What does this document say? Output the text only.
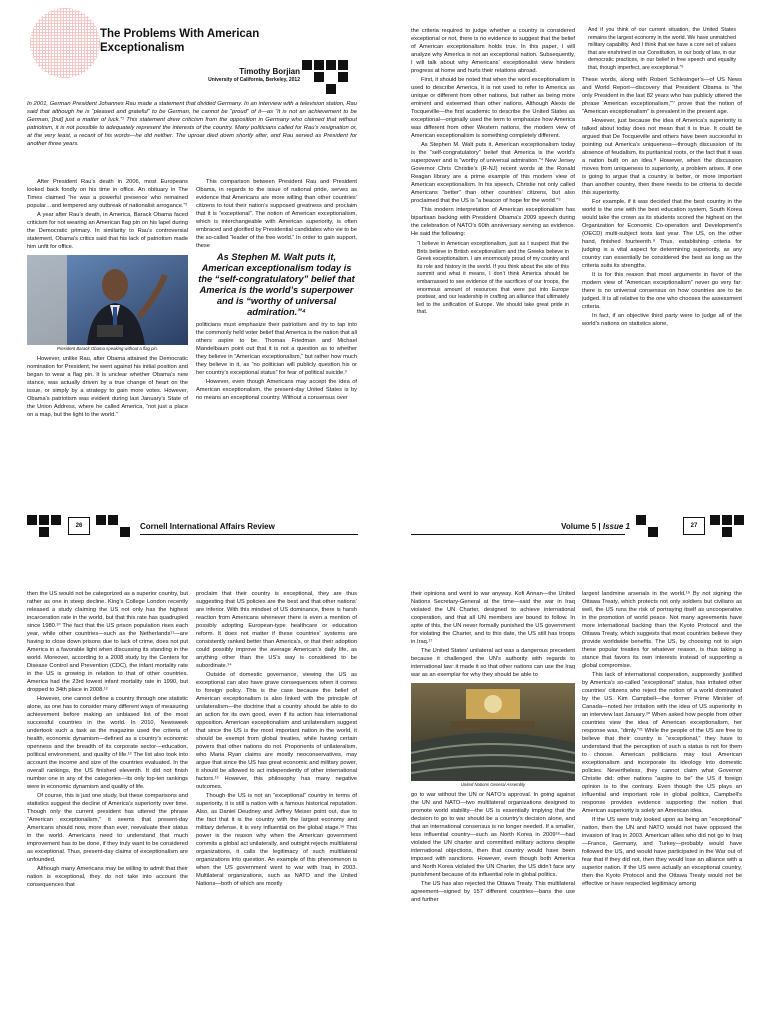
The Problems With American Exceptionalism
Timothy Borjian
University of California, Berkeley, 2012
In 2001, German President Johannes Rau made a statement that divided Germany. In an interview with a television station, Rau said that although he is “pleased and grateful” to be German, he cannot be “proud” of it—as “it is not an achievement to be German, [but] just a matter of luck.”¹ This statement drew criticism from the opposition in Germany who claimed that without patriotism, it is not possible to adequately represent the interests of the country. Many politicians called for Rau’s resignation or, at the very least, a recant of his words—he did neither. The uproar died down shortly after, and Rau served as President for another three years.

After President Rau’s death in 2006, most Europeans looked back fondly on his time in office. An obituary in The Times claimed “he was a powerful presence who remained popular…and tempered any outbreak of nationalist arrogance.”²

A year after Rau’s death, in America, Barack Obama faced criticism for not wearing an American flag pin on his lapel during the Democratic primary. In similarity to Rau’s controversial statement, Obama’s critics said that his lack of patriotism made him unfit for office.

President Barack Obama speaking without a flag pin.

However, unlike Rau, after Obama attained the Democratic nomination for President, he went against his initial position and began to wear a flag pin. It is unclear whether Obama’s new stance, was actually driven by a true change of heart on the issue, or simply by a strategy to gain more votes. However, Obama’s patriotism was evident during last January’s State of the Union Address, where he called America, “not just a place on a map, but the light to the world.”

This comparison between President Rau and President Obama, in regards to the issue of national pride, serves as evidence that Americans are more willing than other countries’ citizens to tout their nation’s supposed greatness and proclaim that it is “exceptional”. The notion of American exceptionalism, which is interchangeable with American superiority, is often embraced and glorified by Presidential candidates who vie to be the so-called “leader of the free world.” In order to gain support, these

As Stephen M. Walt puts it, American exceptionalism today is the “self-congratulatory” belief that America is the world’s superpower and is “worthy of universal admiration.”⁴

politicians must emphasize their patriotism and try to tap into the commonly held voter belief that America is the nation that all others aspire to be. Thomas Friedman and Michael Mandelbaum point out that it is not a question as to whether they believe in “American exceptionalism,” but rather how much they believe in it, as “no politician will publicly question his or her country’s exceptional status” for fear of political suicide.³

However, even though Americans may accept the idea of American exceptionalism, the present-day United States is by no means an exceptional country. Without a consensus over

the criteria required to judge whether a country is considered exceptional or not, there is no evidence to suggest that the belief of American exceptionalism holds true. In this paper, I will analyze why America is not an exceptional nation. Subsequently, I will talk about why Americans’ exceptionalist view hinders progress at home and hurts their relations abroad.

First, it should be noted that when the word exceptionalism is used to describe America, it is not used to refer to America as unique or different from other nations, but rather as being more eminent and esteemed than other nations. Although Alexis de Tocqueville—the first academic to describe the United States as exceptional—originally used the term to emphasize how America was different from other Western nations, the modern view of American exceptionalism is something completely different.

As Stephen M. Walt puts it, American exceptionalism today is the “self-congratulatory” belief that America is the world’s superpower and is “worthy of universal admiration.”⁴ New Jersey Governor Chris Christie’s (R-NJ) recent words at the Ronald Reagan library are a prime example of this modern view of American exceptionalism. In his speech, Christie not only called Americans “better” than other countries’ citizens, but also proclaimed that the US is “a beacon of hope for the world.”⁵

This modern interpretation of American exceptionalism has bipartisan backing with President Obama’s 2009 speech during the celebration of NATO’s 60th anniversary serving as evidence. He said the following:

“I believe in American exceptionalism, just as I suspect that the Brits believe in British exceptionalism and the Greeks believe in Greek exceptionalism. I am enormously proud of my country and its role and history in the world. If you think about the site of this summit and what it means, I don’t think America should be embarrassed to see evidence of the sacrifices of our troops, the enormous amount of resources that were put into Europe postwar, and our leadership in crafting an alliance that ultimately led to the unification of Europe. We should take great pride in that.
And if you think of our current situation, the United States remains the largest economy in the world. We have unmatched military capability. And I think that we have a core set of values that are enshrined in our Constitution, in our body of law, in our democratic practices, in our belief in free speech and equality that, though imperfect, are exceptional.”⁶

These words, along with Robert Schlesinger’s—of US News and World Report—discovery that President Obama is “the only President in the last 82 years who has publicly uttered the phrase ‘American exceptionalism,’”⁷ prove that the notion of “American exceptionalism” is prevalent in the present age.

However, just because the idea of America’s superiority is talked about today does not mean that it is true. It could be argued that De Tocqueville and others have been successful in pointing out America’s uniqueness—through discussion of its absence of feudalism, its puritanical roots, or the fact that it was a nation built on an idea.⁸ However, when the discussion moves from uniqueness to superiority, a problem arises. If one is going to argue that a country is better, or more important than another country, then there needs to be criteria to decide this superiority.

For example, if it was decided that the best country in the world is the one with the best education system, South Korea would take the crown as its students scored the highest on the Organization for Economic Co-operation and Development’s (OECD) multi-subject tests last year. The US, on the other hand, finished fourteenth.⁹ Thus, establishing criteria for judging is a vital aspect for determining superiority, as any country can essentially be considered the best as long as the criteria suits its strengths.

It is for this reason that most arguments in favor of the modern view of “American exceptionalism” never go very far: there is no universal consensus on how countries are to be judged. It is all relative to the one who chooses the assessment criteria.

In fact, if an objective third party were to judge all of the world’s nations on statistics alone,

26	Cornell International Affairs Review	Volume 5 | Issue 1	27

then the US would not be categorized as a superior country, but rather as one in steep decline. King’s College London recently released a study claiming the US not only has the highest incarceration rate in the world, but that this rate has quadrupled since 1980.¹⁰ The fact that the US prison population rises each year, while other countries—such as the Netherlands¹¹—are having to close down prisons due to lack of crime, does not put America in a favorable light when discussing its standing in the world. Moreover, according to a 2008 study by the Centers for Disease Control and Prevention (CDC), the infant mortality rate in the US is growing in relation to that of other countries. America had the 23rd lowest infant mortality rate in 1990, but dropped to 34th place in 2008.¹²

However, one cannot define a country through one statistic alone, as one has to consider many different ways of measuring achievement before making an unbiased list of the most successful countries in the world. In 2010, Newsweek undertook such a task as the magazine used the criteria of health, economic dynamism—defined as a country’s economic openness and the breadth of its corporate sector—education, political environment, and quality of life.¹³ The list also took into account the income and size of the countries evaluated. In the overall rankings, the US finished eleventh. It did not finish number one in any of the categories—its only top-ten rankings were in economic dynamism and quality of life.

Of course, this is just one study, but these comparisons and statistics suggest the decline of America’s superiority over time. Though only the current president has uttered the phrase “American exceptionalism,” it seems that present-day Americans should now, more than ever, reevaluate their status in the world. Americans need to understand that much improvement has to be done, if they truly want to be considered as exceptional. Thus, present-day claims of exceptionalism are unfounded.

Although many Americans may be willing to admit that their nation is exceptional, they do not take into account the consequences that

proclaim that their country is exceptional, they are thus suggesting that US policies are the best and that other nations’ are inferior. With this mindset of US dominance, there is harsh reaction from Americans whenever there is even a mention of possibly adopting European-type healthcare or education reform. It does not matter if these countries’ systems are consistently ranked better than America’s, or that their adoption could possibly improve the average American’s daily life, as anything other than the US’s way is considered to be subordinate.¹⁴

Outside of domestic governance, viewing the US as exceptional can also have grave consequences when it comes to foreign policy. This is the case because the belief of American exceptionalism is also linked with the principle of unilateralism—the doctrine that a country should be able to do an action for its own good, even if its action has international opposition. American exceptionalism and unilateralism suggest that since the US is the most important nation in the world, it should be exempt from global treaties, while having certain powers that other nations do not. Proponents of unilateralism, who Maria Ryan claims are mostly neoconservatives, may argue that since the US has great economic and military power, it should be allowed to act independently of other international factors.¹⁵ However, this philosophy has many negative outcomes.

Though the US is not an “exceptional” country in terms of superiority, it is still a nation with a famous historical reputation. Also, as Daniel Deudney and Jeffrey Meiser point out, due to the fact that it is the country with the largest economy and military defense, it is very influential on the global stage.¹⁶ This power is the reason why when the American government commits a global act unilaterally, and outright rejects multilateral organizations, it calls the legitimacy of such multilateral organizations into question. An example of this phenomenon is when the US government went to war with Iraq in 2003. Multilateral organizations, such as NATO and the United Nations—both of which are mostly

their opinions and went to war anyway. Kofi Annan—the United Nations Secretary-General at the time—said the war in Iraq violated the UN Charter, designed to achieve international cooperation, and that all UN members are bound to follow. In spite of this, the UN never formally punished the US government for violating the Charter, and to this date, the US still has troops in Iraq.¹⁷

The United States’ unilateral act was a dangerous precedent because it challenged the UN’s authority with regards to international law: it made it so that other nations can use the Iraq war as an exemplar for why they should be able to

United Nations General Assembly

go to war without the UN or NATO’s approval. In going against the UN and NATO—two multilateral organizations designed to promote world stability—the US is essentially implying that the decision to go to war should be a country’s decision alone, and that an international consensus is no longer needed. If a smaller, less influential country—such as North Korea in 2009¹⁸—had violated the UN charter and committed military actions despite international objections, then that country would have been imposed with sanctions. However, even though both America and North Korea violated the UN Charter, the US didn’t face any punishment because of its influential role in global politics.

The US has also rejected the Ottawa Treaty. This multilateral agreement—signed by 157 different countries—bans the use and further

largest landmine arsenals in the world.¹⁹ By not signing the Ottawa Treaty, which protects not only soldiers but civilians as well, the US runs the risk of portraying itself as uncooperative in the promotion of world peace. Not many agreements have more international backing than the Kyoto Protocol and the Ottawa Treaty, which suggests that most countries believe they provide worldwide benefits. The US, by choosing not to sign these popular treaties for whatever reason, is thus taking a stance that favors its own interests instead of supporting a global compromise.

This lack of international cooperation, supposedly justified by America’s so-called “exceptional” status, has irritated other countries’ citizens who reject the notion of a world dominated by the US. Kim Campbell—the former Prime Minister of Canada—noted her irritation with the idea of US superiority in an interview last January.²⁰ When asked how people from other countries view the idea of American exceptionalism, her response was, “dimly.”²¹ While the people of the US are free to believe that their country is “exceptional,” they have to understand that the perception of such a status is not for them to choose. American politicians may tout American exceptionalism and incorporate its ideology into domestic policies. Nevertheless, they cannot claim what Governor Christie did: other nations “aspire to be” the US if foreign opinion is to the contrary. Even though the US plays an influential and important role in global politics, Campbell’s response provides evidence supporting the notion that American superiority is solely an American idea.

If the US were truly looked upon as being an “exceptional” nation, then the UN and NATO would not have opposed the invasion of Iraq in 2003. American allies who did not go to Iraq—France, Germany, and Turkey—probably would have followed the US, and would have participated in the War out of fear that if they did not, then they would lose an alliance with a superior nation. If the US were actually an exceptional country, then the Kyoto Protocol and the Ottawa Treaty would not be effective or have respected legitimacy among
